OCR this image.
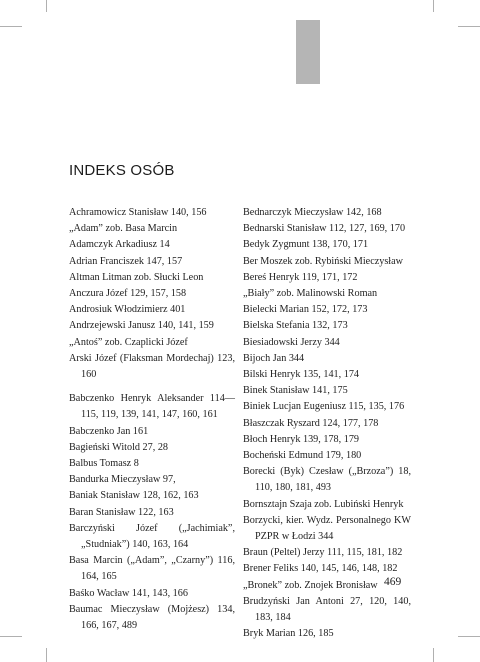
INDEKS OSÓB
Achramowicz Stanisław 140, 156
„Adam” zob. Basa Marcin
Adamczyk Arkadiusz 14
Adrian Franciszek 147, 157
Altman Litman zob. Słucki Leon
Anczura Józef 129, 157, 158
Androsiuk Włodzimierz 401
Andrzejewski Janusz 140, 141, 159
„Antoś” zob. Czaplicki Józef
Arski Józef (Flaksman Mordechaj) 123, 160
Babczenko Henryk Aleksander 114–‍–115, 119, 139, 141, 147, 160, 161
Babczenko Jan 161
Bagieński Witold 27, 28
Balbus Tomasz 8
Bandurka Mieczysław 97,
Baniak Stanisław 128, 162, 163
Baran Stanisław 122, 163
Barczyński Józef („Jachimiak”, „Studniak”) 140, 163, 164
Basa Marcin („Adam”, „Czarny”) 116, 164, 165
Baśko Wacław 141, 143, 166
Baumac Mieczysław (Mojżesz) 134, 166, 167, 489
Bednarczyk Mieczysław 142, 168
Bednarski Stanisław 112, 127, 169, 170
Bedyk Zygmunt 138, 170, 171
Ber Moszek zob. Rybiński Mieczysław
Bereś Henryk 119, 171, 172
„Biały” zob. Malinowski Roman
Bielecki Marian 152, 172, 173
Bielska Stefania 132, 173
Biesiadowski Jerzy 344
Bijoch Jan 344
Bilski Henryk 135, 141, 174
Binek Stanisław 141, 175
Biniek Lucjan Eugeniusz 115, 135, 176
Błaszczak Ryszard 124, 177, 178
Błoch Henryk 139, 178, 179
Bocheński Edmund 179, 180
Borecki (Byk) Czesław („Brzoza”) 18, 110, 180, 181, 493
Bornsztajn Szaja zob. Lubiński Henryk
Borzycki, kier. Wydz. Personalnego KW PZPR w Łodzi 344
Braun (Peltel) Jerzy 111, 115, 181, 182
Brener Feliks 140, 145, 146, 148, 182
„Bronek” zob. Znojek Bronisław
Brudzyński Jan Antoni 27, 120, 140, 183, 184
Bryk Marian 126, 185
469
